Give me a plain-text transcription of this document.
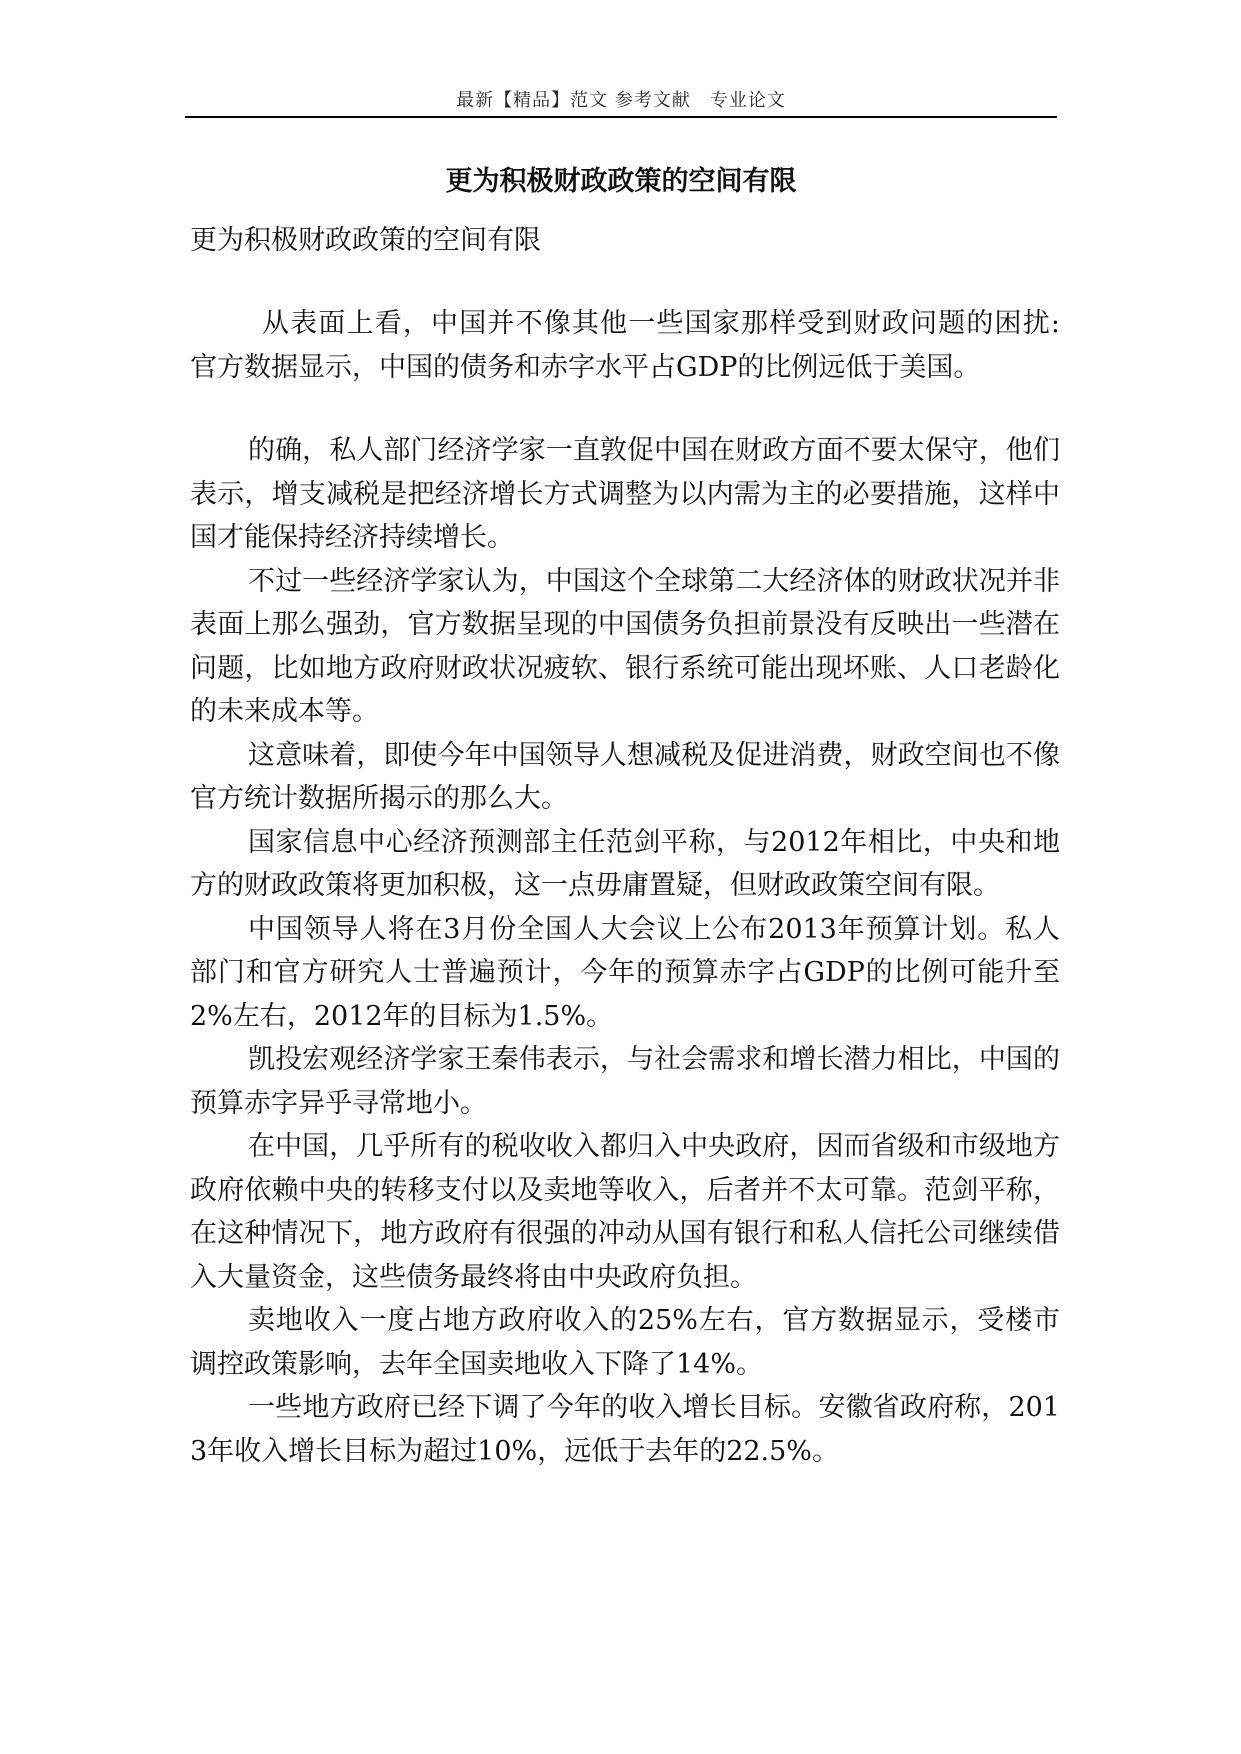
最新【精品】范文 参考文献　专业论文
更为积极财政政策的空间有限
更为积极财政政策的空间有限

从表面上看，中国并不像其他一些国家那样受到财政问题的困扰: 官方数据显示，中国的债务和赤字水平占GDP的比例远低于美国。

的确，私人部门经济学家一直敦促中国在财政方面不要太保守，他们表示，增支减税是把经济增长方式调整为以内需为主的必要措施，这样中国才能保持经济持续增长。

不过一些经济学家认为，中国这个全球第二大经济体的财政状况并非表面上那么强劲，官方数据呈现的中国债务负担前景没有反映出一些潜在问题，比如地方政府财政状况疲软、银行系统可能出现坏账、人口老龄化的未来成本等。

这意味着，即使今年中国领导人想减税及促进消费，财政空间也不像官方统计数据所揭示的那么大。

国家信息中心经济预测部主任范剑平称，与2012年相比，中央和地方的财政政策将更加积极，这一点毋庸置疑，但财政政策空间有限。

中国领导人将在3月份全国人大会议上公布2013年预算计划。私人部门和官方研究人士普遍预计，今年的预算赤字占GDP的比例可能升至2%左右，2012年的目标为1.5%。

凯投宏观经济学家王秦伟表示，与社会需求和增长潜力相比，中国的预算赤字异乎寻常地小。

在中国，几乎所有的税收收入都归入中央政府，因而省级和市级地方政府依赖中央的转移支付以及卖地等收入，后者并不太可靠。范剑平称，在这种情况下，地方政府有很强的冲动从国有银行和私人信托公司继续借入大量资金，这些债务最终将由中央政府负担。

卖地收入一度占地方政府收入的25%左右，官方数据显示，受楼市调控政策影响，去年全国卖地收入下降了14%。

一些地方政府已经下调了今年的收入增长目标。安徽省政府称，2013年收入增长目标为超过10%，远低于去年的22.5%。
